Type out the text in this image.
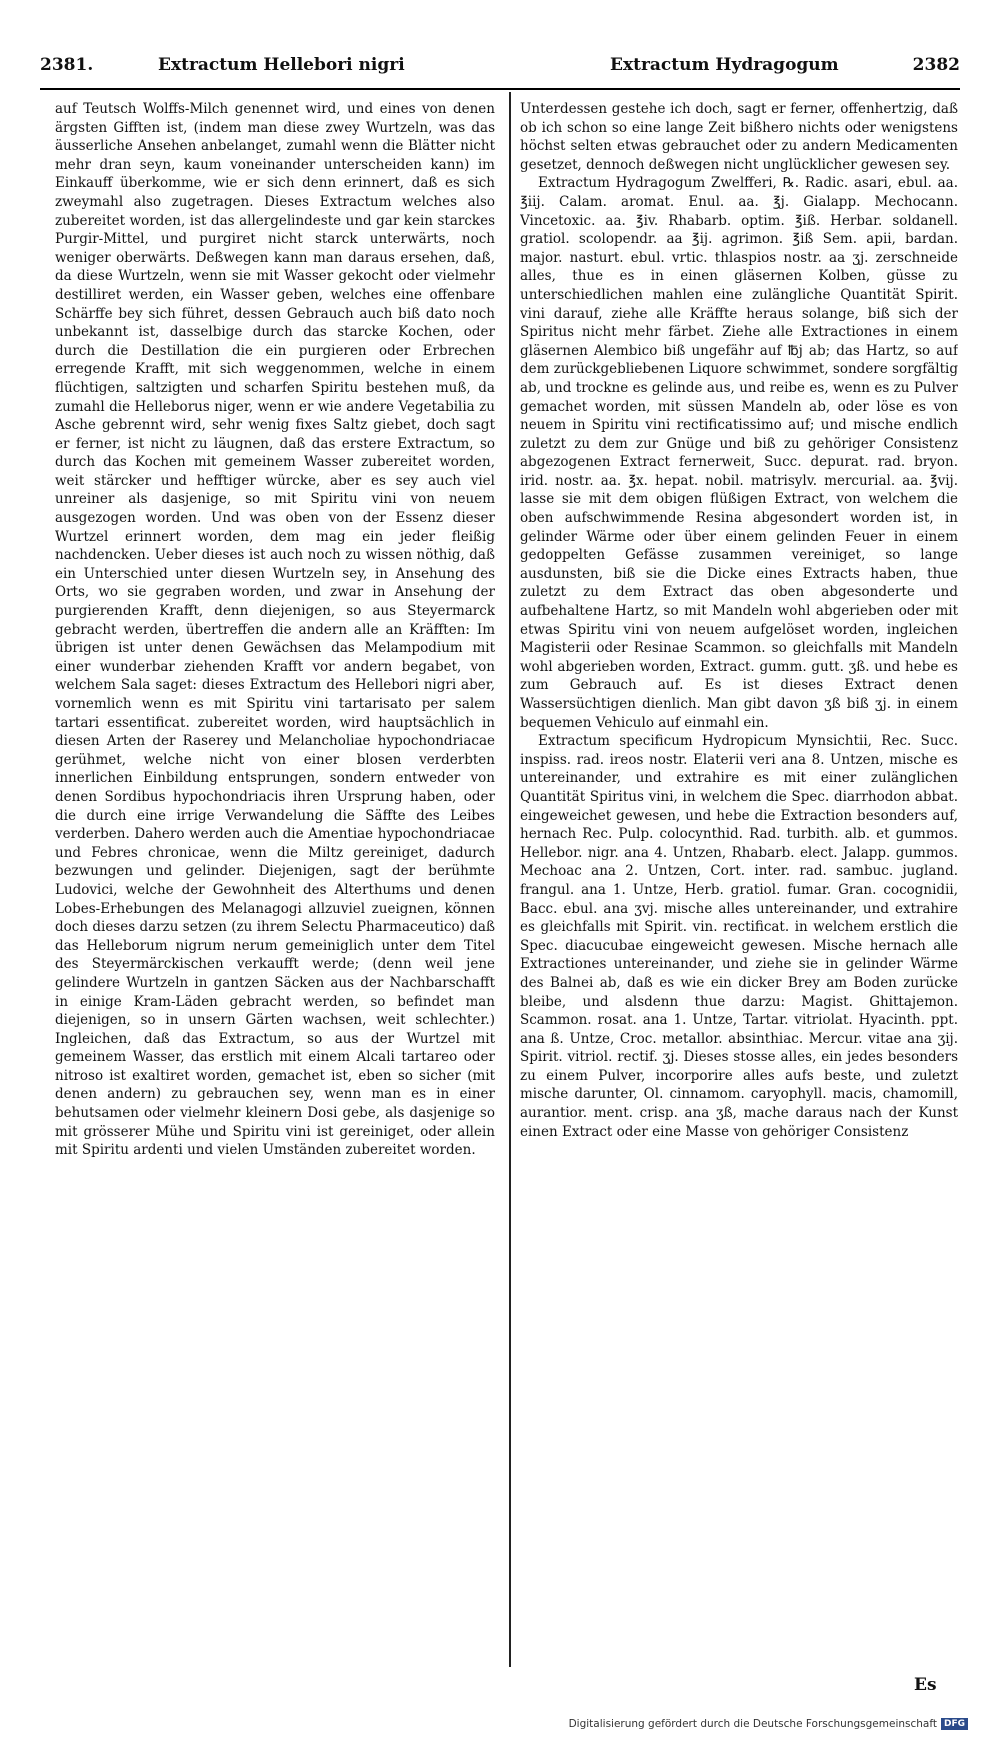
2381.	Extractum Hellebori nigri	Extractum Hydragogum	2382

auf Teutsch Wolffs-Milch genennet wird, und eines von denen ärgsten Gifften ist, (indem man diese zwey Wurtzeln, was das äusserliche Ansehen anbelanget, zumahl wenn die Blätter nicht mehr dran seyn, kaum voneinander unterscheiden kann) im Einkauff überkomme, wie er sich denn erinnert, daß es sich zweymahl also zugetragen. Dieses Extractum welches also zubereitet worden, ist das allergelindeste und gar kein starckes Purgir-Mittel, und purgiret nicht starck unterwärts, noch weniger oberwärts. Deßwegen kann man daraus ersehen, daß, da diese Wurtzeln, wenn sie mit Wasser gekocht oder vielmehr destilliret werden, ein Wasser geben, welches eine offenbare Schärffe bey sich führet, dessen Gebrauch auch biß dato noch unbekannt ist, dasselbige durch das starcke Kochen, oder durch die Destillation die ein purgieren oder Erbrechen erregende Krafft, mit sich weggenommen, welche in einem flüchtigen, saltzigten und scharfen Spiritu bestehen muß, da zumahl die Helleborus niger, wenn er wie andere Vegetabilia zu Asche gebrennt wird, sehr wenig fixes Saltz giebet, doch sagt er ferner, ist nicht zu läugnen, daß das erstere Extractum, so durch das Kochen mit gemeinem Wasser zubereitet worden, weit stärcker und hefftiger würcke, aber es sey auch viel unreiner als dasjenige, so mit Spiritu vini von neuem ausgezogen worden. Und was oben von der Essenz dieser Wurtzel erinnert worden, dem mag ein jeder fleißig nachdencken. Ueber dieses ist auch noch zu wissen nöthig, daß ein Unterschied unter diesen Wurtzeln sey, in Ansehung des Orts, wo sie gegraben worden, und zwar in Ansehung der purgierenden Krafft, denn diejenigen, so aus Steyermarck gebracht werden, übertreffen die andern alle an Kräfften: Im übrigen ist unter denen Gewächsen das Melampodium mit einer wunderbar ziehenden Krafft vor andern begabet, von welchem Sala saget: dieses Extractum des Hellebori nigri aber, vornemlich wenn es mit Spiritu vini tartarisato per salem tartari essentificat. zubereitet worden, wird hauptsächlich in diesen Arten der Raserey und Melancholiae hypochondriacae gerühmet, welche nicht von einer blosen verderbten innerlichen Einbildung entsprungen, sondern entweder von denen Sordibus hypochondriacis ihren Ursprung haben, oder die durch eine irrige Verwandelung die Säffte des Leibes verderben. Dahero werden auch die Amentiae hypochondriacae und Febres chronicae, wenn die Miltz gereiniget, dadurch bezwungen und gelinder. Diejenigen, sagt der berühmte Ludovici, welche der Gewohnheit des Alterthums und denen Lobes-Erhebungen des Melanagogi allzuviel zueignen, können doch dieses darzu setzen (zu ihrem Selectu Pharmaceutico) daß das Helleborum nigrum nerum gemeiniglich unter dem Titel des Steyermärckischen verkaufft werde; (denn weil jene gelindere Wurtzeln in gantzen Säcken aus der Nachbarschafft in einige Kram-Läden gebracht werden, so befindet man diejenigen, so in unsern Gärten wachsen, weit schlechter.) Ingleichen, daß das Extractum, so aus der Wurtzel mit gemeinem Wasser, das erstlich mit einem Alcali tartareo oder nitroso ist exaltiret worden, gemachet ist, eben so sicher (mit denen andern) zu gebrauchen sey, wenn man es in einer behutsamen oder vielmehr kleinern Dosi gebe, als dasjenige so mit grösserer Mühe und Spiritu vini ist gereiniget, oder allein mit Spiritu ardenti und vielen Umständen zubereitet worden.

Unterdessen gestehe ich doch, sagt er ferner, offenhertzig, daß ob ich schon so eine lange Zeit bißhero nichts oder wenigstens höchst selten etwas gebrauchet oder zu andern Medicamenten gesetzet, dennoch deßwegen nicht unglücklicher gewesen sey.

Extractum Hydragogum Zwelfferi, ℞. Radic. asari, ebul. aa. ℥iij. Calam. aromat. Enul. aa. ℥j. Gialapp. Mechocann. Vincetoxic. aa. ℥iv. Rhabarb. optim. ℥iß. Herbar. soldanell. gratiol. scolopendr. aa ℥ij. agrimon. ℥iß Sem. apii, bardan. major. nasturt. ebul. vrtic. thlaspios nostr. aa ʒj. zerschneide alles, thue es in einen gläsernen Kolben, güsse zu unterschiedlichen mahlen eine zulängliche Quantität Spirit. vini darauf, ziehe alle Kräffte heraus solange, biß sich der Spiritus nicht mehr färbet. Ziehe alle Extractiones in einem gläsernen Alembico biß ungefähr auf ℔j ab; das Hartz, so auf dem zurückgebliebenen Liquore schwimmet, sondere sorgfältig ab, und trockne es gelinde aus, und reibe es, wenn es zu Pulver gemachet worden, mit süssen Mandeln ab, oder löse es von neuem in Spiritu vini rectificatissimo auf; und mische endlich zuletzt zu dem zur Gnüge und biß zu gehöriger Consistenz abgezogenen Extract fernerweit, Succ. depurat. rad. bryon. irid. nostr. aa. ℥x. hepat. nobil. matrisylv. mercurial. aa. ℥vij. lasse sie mit dem obigen flüßigen Extract, von welchem die oben aufschwimmende Resina abgesondert worden ist, in gelinder Wärme oder über einem gelinden Feuer in einem gedoppelten Gefässe zusammen vereiniget, so lange ausdunsten, biß sie die Dicke eines Extracts haben, thue zuletzt zu dem Extract das oben abgesonderte und aufbehaltene Hartz, so mit Mandeln wohl abgerieben oder mit etwas Spiritu vini von neuem aufgelöset worden, ingleichen Magisterii oder Resinae Scammon. so gleichfalls mit Mandeln wohl abgerieben worden, Extract. gumm. gutt. ʒß. und hebe es zum Gebrauch auf. Es ist dieses Extract denen Wassersüchtigen dienlich. Man gibt davon ʒß biß ʒj. in einem bequemen Vehiculo auf einmahl ein.

Extractum specificum Hydropicum Mynsichtii, Rec. Succ. inspiss. rad. ireos nostr. Elaterii veri ana 8. Untzen, mische es untereinander, und extrahire es mit einer zulänglichen Quantität Spiritus vini, in welchem die Spec. diarrhodon abbat. eingeweichet gewesen, und hebe die Extraction besonders auf, hernach Rec. Pulp. colocynthid. Rad. turbith. alb. et gummos. Hellebor. nigr. ana 4. Untzen, Rhabarb. elect. Jalapp. gummos. Mechoac ana 2. Untzen, Cort. inter. rad. sambuc. jugland. frangul. ana 1. Untze, Herb. gratiol. fumar. Gran. cocognidii, Bacc. ebul. ana ʒvj. mische alles untereinander, und extrahire es gleichfalls mit Spirit. vin. rectificat. in welchem erstlich die Spec. diacucubae eingeweicht gewesen. Mische hernach alle Extractiones untereinander, und ziehe sie in gelinder Wärme des Balnei ab, daß es wie ein dicker Brey am Boden zurücke bleibe, und alsdenn thue darzu: Magist. Ghittajemon. Scammon. rosat. ana 1. Untze, Tartar. vitriolat. Hyacinth. ppt. ana ß. Untze, Croc. metallor. absinthiac. Mercur. vitae ana ʒij. Spirit. vitriol. rectif. ʒj. Dieses stosse alles, ein jedes besonders zu einem Pulver, incorporire alles aufs beste, und zuletzt mische darunter, Ol. cinnamom. caryophyll. macis, chamomill, aurantior. ment. crisp. ana ʒß, mache daraus nach der Kunst einen Extract oder eine Masse von gehöriger Consistenz

Es
Digitalisierung gefördert durch die Deutsche Forschungsgemeinschaft DFG
